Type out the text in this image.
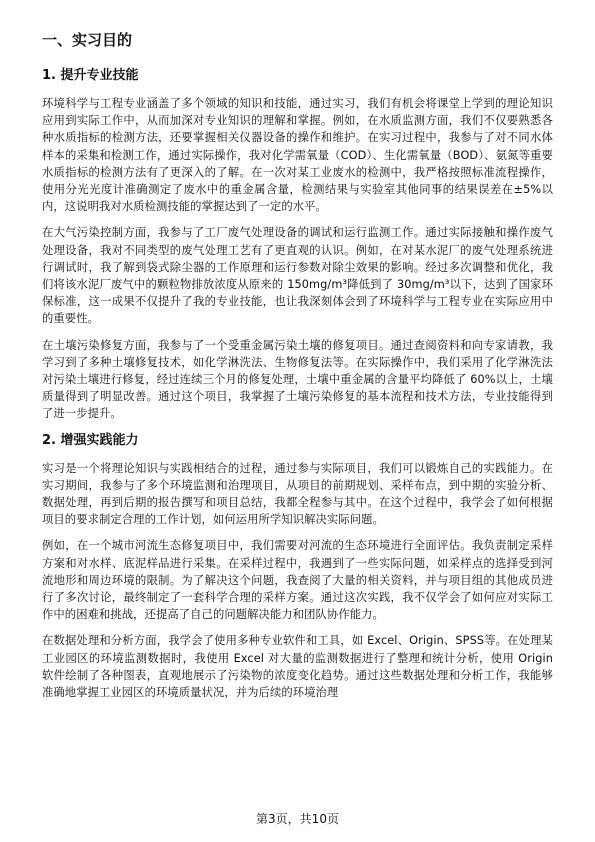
一、实习目的
1. 提升专业技能

环境科学与工程专业涵盖了多个领域的知识和技能，通过实习，我们有机会将课堂上学到的理论知识应用到实际工作中，从而加深对专业知识的理解和掌握。例如，在水质监测方面，我们不仅要熟悉各种水质指标的检测方法，还要掌握相关仪器设备的操作和维护。在实习过程中，我参与了对不同水体样本的采集和检测工作，通过实际操作，我对化学需氧量（COD）、生化需氧量（BOD）、氨氮等重要水质指标的检测方法有了更深入的了解。在一次对某工业废水的检测中，我严格按照标准流程操作，使用分光光度计准确测定了废水中的重金属含量，检测结果与实验室其他同事的结果误差在±5%以内，这说明我对水质检测技能的掌握达到了一定的水平。

在大气污染控制方面，我参与了工厂废气处理设备的调试和运行监测工作。通过实际接触和操作废气处理设备，我对不同类型的废气处理工艺有了更直观的认识。例如，在对某水泥厂的废气处理系统进行调试时，我了解到袋式除尘器的工作原理和运行参数对除尘效果的影响。经过多次调整和优化，我们将该水泥厂废气中的颗粒物排放浓度从原来的 150mg/m³降低到了 30mg/m³以下，达到了国家环保标准，这一成果不仅提升了我的专业技能，也让我深刻体会到了环境科学与工程专业在实际应用中的重要性。

在土壤污染修复方面，我参与了一个受重金属污染土壤的修复项目。通过查阅资料和向专家请教，我学习到了多种土壤修复技术，如化学淋洗法、生物修复法等。在实际操作中，我们采用了化学淋洗法对污染土壤进行修复，经过连续三个月的修复处理，土壤中重金属的含量平均降低了 60%以上，土壤质量得到了明显改善。通过这个项目，我掌握了土壤污染修复的基本流程和技术方法，专业技能得到了进一步提升。

2. 增强实践能力

实习是一个将理论知识与实践相结合的过程，通过参与实际项目，我们可以锻炼自己的实践能力。在实习期间，我参与了多个环境监测和治理项目，从项目的前期规划、采样布点，到中期的实验分析、数据处理，再到后期的报告撰写和项目总结，我都全程参与其中。在这个过程中，我学会了如何根据项目的要求制定合理的工作计划，如何运用所学知识解决实际问题。

例如，在一个城市河流生态修复项目中，我们需要对河流的生态环境进行全面评估。我负责制定采样方案和对水样、底泥样品进行采集。在采样过程中，我遇到了一些实际问题，如采样点的选择受到河流地形和周边环境的限制。为了解决这个问题，我查阅了大量的相关资料，并与项目组的其他成员进行了多次讨论，最终制定了一套科学合理的采样方案。通过这次实践，我不仅学会了如何应对实际工作中的困难和挑战，还提高了自己的问题解决能力和团队协作能力。

在数据处理和分析方面，我学会了使用多种专业软件和工具，如 Excel、Origin、SPSS等。在处理某工业园区的环境监测数据时，我使用 Excel 对大量的监测数据进行了整理和统计分析，使用 Origin 软件绘制了各种图表，直观地展示了污染物的浓度变化趋势。通过这些数据处理和分析工作，我能够准确地掌握工业园区的环境质量状况，并为后续的环境治理

第3页，共10页
